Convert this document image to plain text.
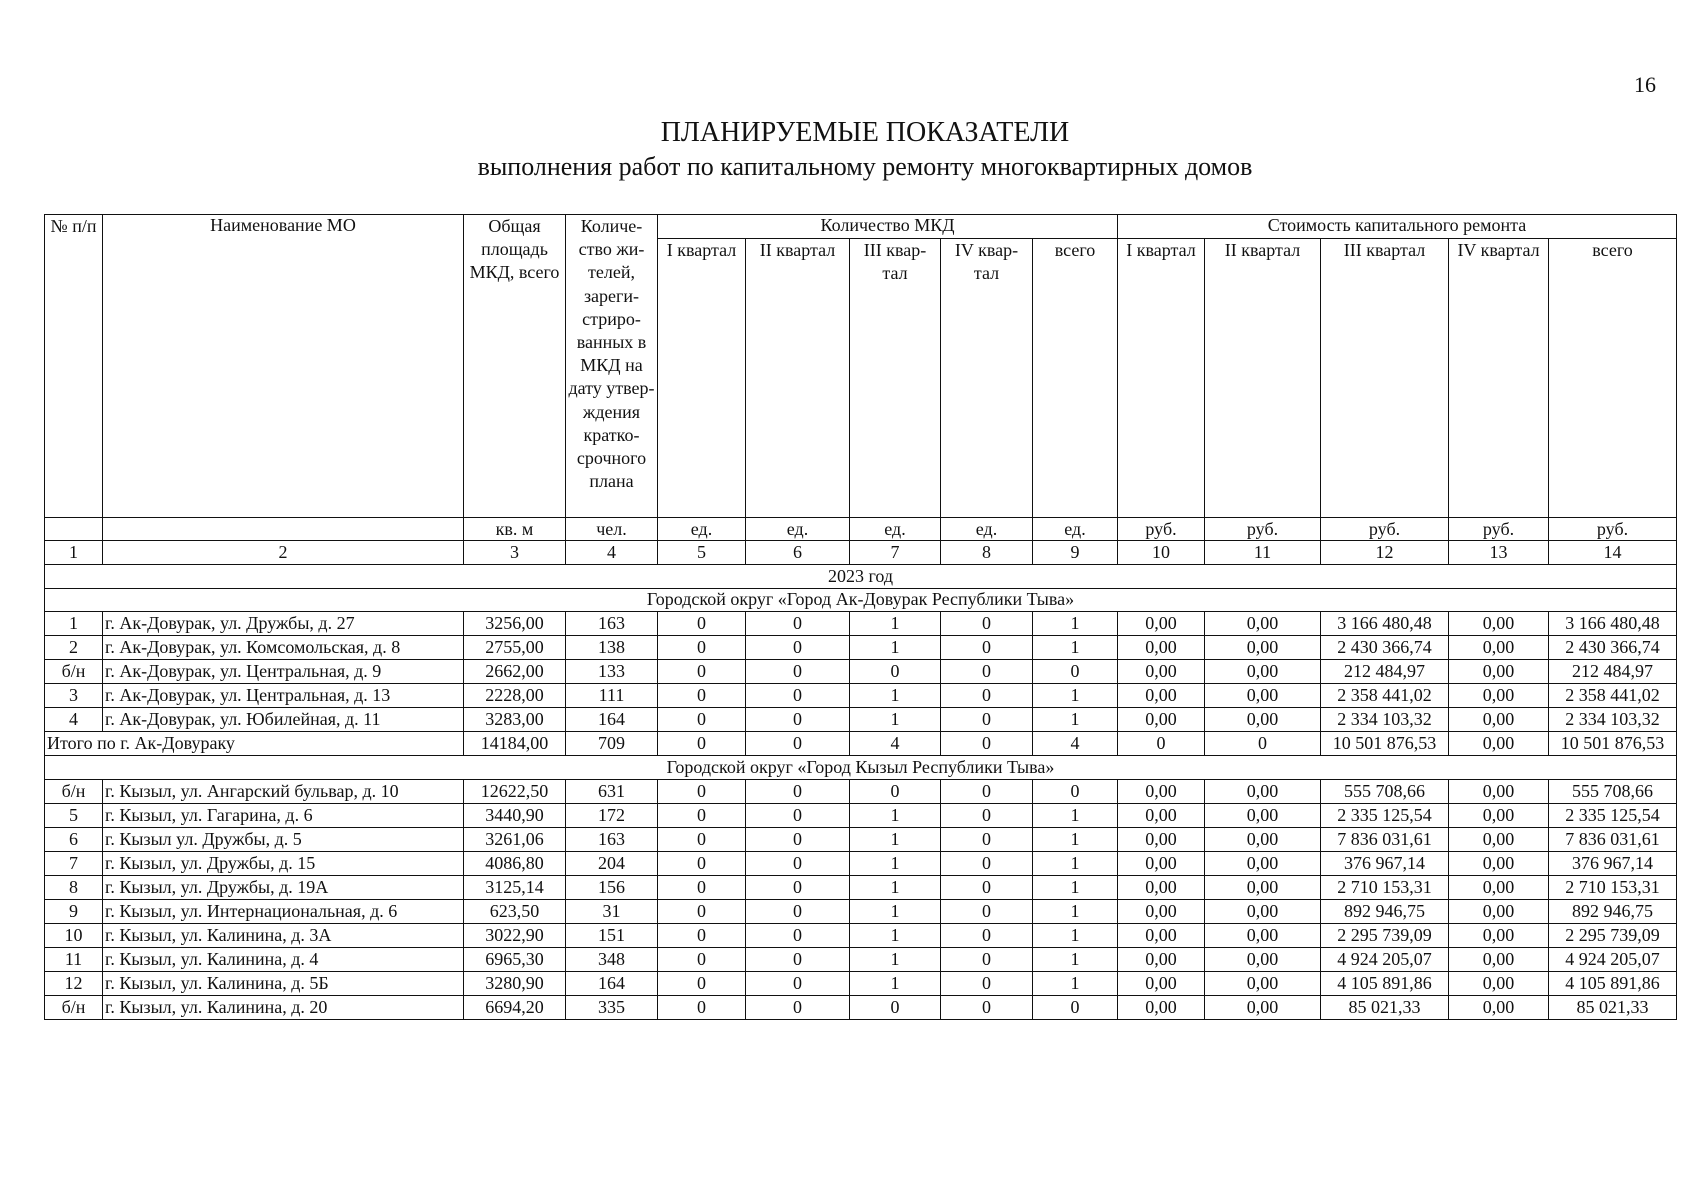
16
ПЛАНИРУЕМЫЕ ПОКАЗАТЕЛИ
выполнения работ по капитальному ремонту многоквартирных домов
№ п/п	Наименование МО	Общая площадь МКД, всего	Количе-ство жи-телей, зареги-стриро-ванных в МКД на дату утвер-ждения кратко-срочного плана	Количество МКД					Стоимость капитального ремонта				
				I квартал	II квартал	III квар-тал	IV квар-тал	всего	I квартал	II квартал	III квартал	IV квартал	всего
		кв. м	чел.	ед.	ед.	ед.	ед.	ед.	руб.	руб.	руб.	руб.	руб.
1	2	3	4	5	6	7	8	9	10	11	12	13	14
2023 год													
Городской округ «Город Ак-Довурак Республики Тыва»													
1	г. Ак-Довурак, ул. Дружбы, д. 27	3256,00	163	0	0	1	0	1	0,00	0,00	3 166 480,48	0,00	3 166 480,48
2	г. Ак-Довурак, ул. Комсомольская, д. 8	2755,00	138	0	0	1	0	1	0,00	0,00	2 430 366,74	0,00	2 430 366,74
б/н	г. Ак-Довурак, ул. Центральная, д. 9	2662,00	133	0	0	0	0	0	0,00	0,00	212 484,97	0,00	212 484,97
3	г. Ак-Довурак, ул. Центральная, д. 13	2228,00	111	0	0	1	0	1	0,00	0,00	2 358 441,02	0,00	2 358 441,02
4	г. Ак-Довурак, ул. Юбилейная, д. 11	3283,00	164	0	0	1	0	1	0,00	0,00	2 334 103,32	0,00	2 334 103,32
Итого по г. Ак-Довураку		14184,00	709	0	0	4	0	4	0	0	10 501 876,53	0,00	10 501 876,53
Городской округ «Город Кызыл Республики Тыва»													
б/н	г. Кызыл, ул. Ангарский бульвар, д. 10	12622,50	631	0	0	0	0	0	0,00	0,00	555 708,66	0,00	555 708,66
5	г. Кызыл, ул. Гагарина, д. 6	3440,90	172	0	0	1	0	1	0,00	0,00	2 335 125,54	0,00	2 335 125,54
6	г. Кызыл ул. Дружбы, д. 5	3261,06	163	0	0	1	0	1	0,00	0,00	7 836 031,61	0,00	7 836 031,61
7	г. Кызыл, ул. Дружбы, д. 15	4086,80	204	0	0	1	0	1	0,00	0,00	376 967,14	0,00	376 967,14
8	г. Кызыл, ул. Дружбы, д. 19А	3125,14	156	0	0	1	0	1	0,00	0,00	2 710 153,31	0,00	2 710 153,31
9	г. Кызыл, ул. Интернациональная, д. 6	623,50	31	0	0	1	0	1	0,00	0,00	892 946,75	0,00	892 946,75
10	г. Кызыл, ул. Калинина, д. 3А	3022,90	151	0	0	1	0	1	0,00	0,00	2 295 739,09	0,00	2 295 739,09
11	г. Кызыл, ул. Калинина, д. 4	6965,30	348	0	0	1	0	1	0,00	0,00	4 924 205,07	0,00	4 924 205,07
12	г. Кызыл, ул. Калинина, д. 5Б	3280,90	164	0	0	1	0	1	0,00	0,00	4 105 891,86	0,00	4 105 891,86
б/н	г. Кызыл, ул. Калинина, д. 20	6694,20	335	0	0	0	0	0	0,00	0,00	85 021,33	0,00	85 021,33
